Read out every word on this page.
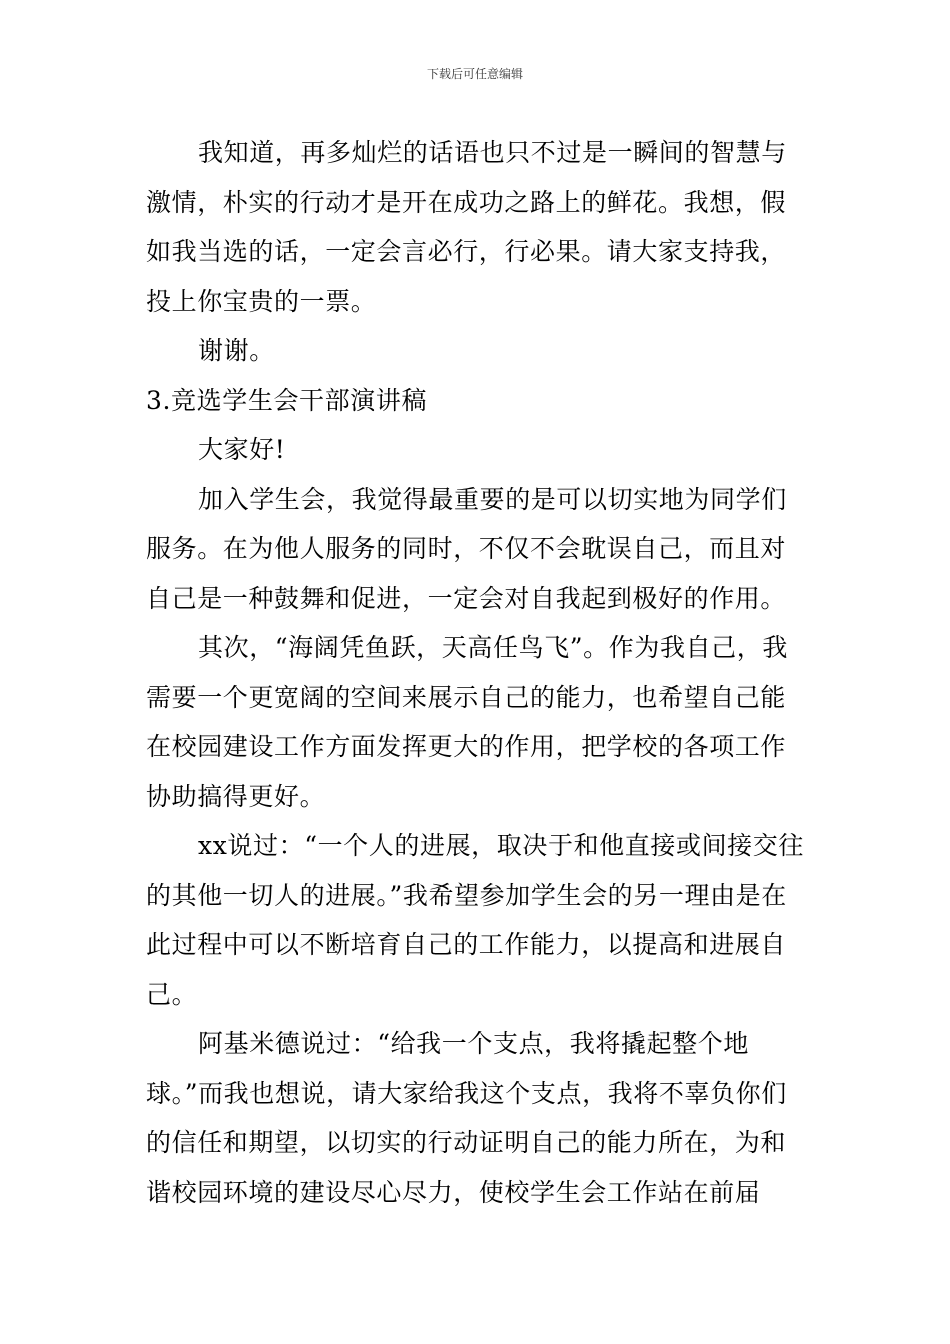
下载后可任意编辑

我知道，再多灿烂的话语也只不过是一瞬间的智慧与激情，朴实的行动才是开在成功之路上的鲜花。我想，假如我当选的话，一定会言必行，行必果。请大家支持我，投上你宝贵的一票。

谢谢。

3.竞选学生会干部演讲稿

大家好!

加入学生会，我觉得最重要的是可以切实地为同学们服务。在为他人服务的同时，不仅不会耽误自己，而且对自己是一种鼓舞和促进，一定会对自我起到极好的作用。

其次，“海阔凭鱼跃，天高任鸟飞”。作为我自己，我需要一个更宽阔的空间来展示自己的能力，也希望自己能在校园建设工作方面发挥更大的作用，把学校的各项工作协助搞得更好。

xx说过：“一个人的进展，取决于和他直接或间接交往的其他一切人的进展。”我希望参加学生会的另一理由是在此过程中可以不断培育自己的工作能力，以提高和进展自己。

阿基米德说过：“给我一个支点，我将撬起整个地球。”而我也想说，请大家给我这个支点，我将不辜负你们的信任和期望，以切实的行动证明自己的能力所在，为和谐校园环境的建设尽心尽力，使校学生会工作站在前届
